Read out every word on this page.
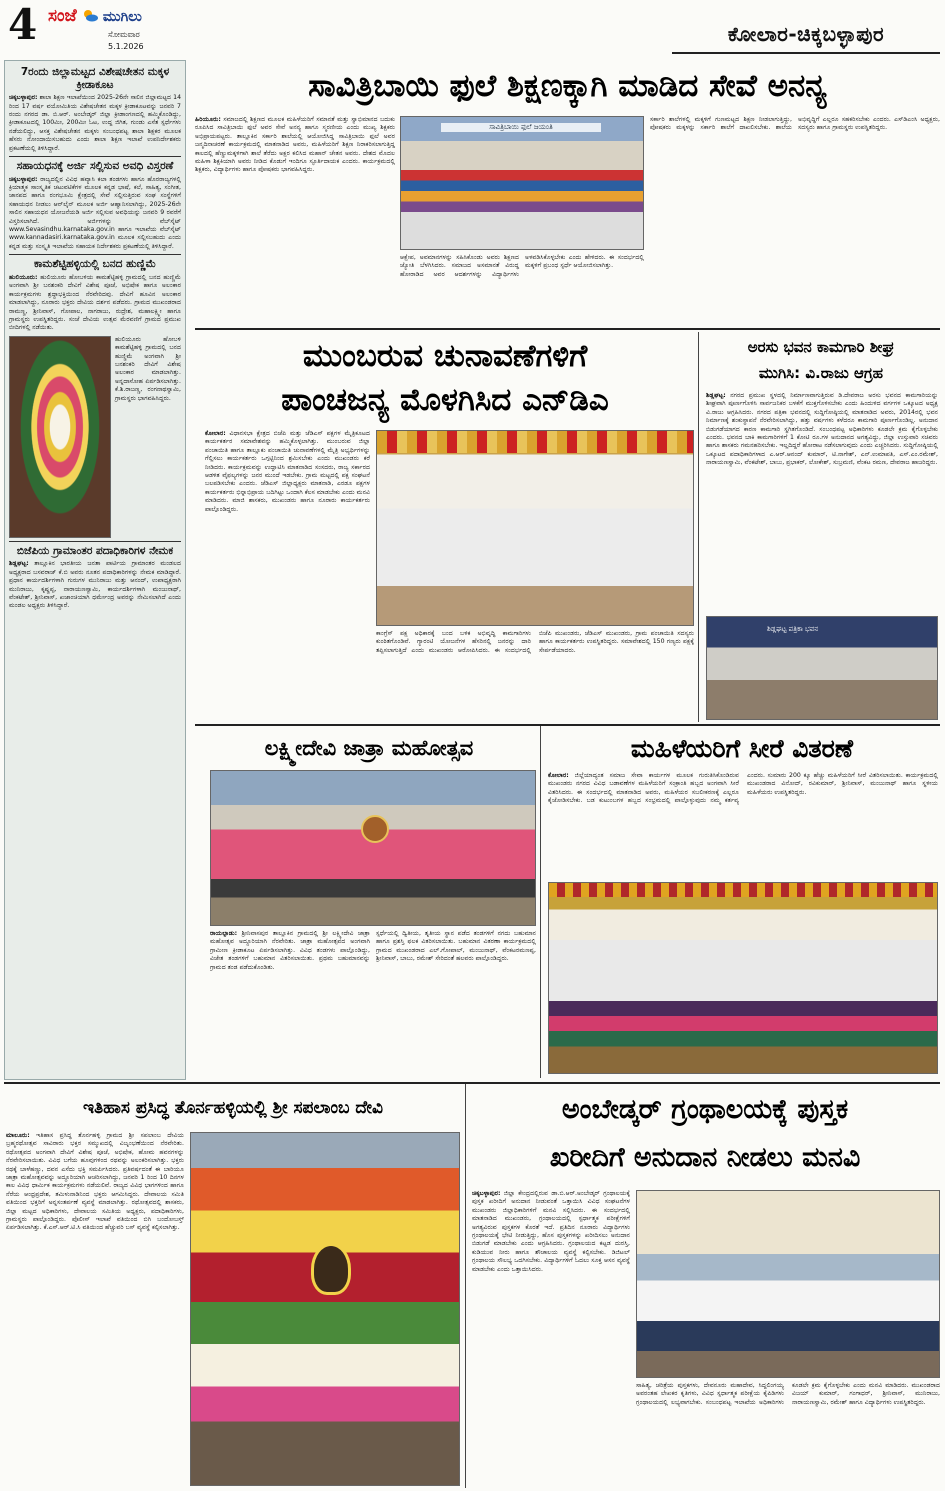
4 ಸಂಜೆ ಮುಗಿಲು
ಸೋಮವಾರ
5.1.2026
ಕೋಲಾರ-ಚಿಕ್ಕಬಳ್ಳಾಪುರ
7ರಂದು ಜಿಲ್ಲಾಮಟ್ಟದ ವಿಶೇಷಚೇತನ ಮಕ್ಕಳ ಕ್ರೀಡಾಕೂಟ
ಚಿಕ್ಕಬಳ್ಳಾಪುರ: ಶಾಲಾ ಶಿಕ್ಷಣ ಇಲಾಖೆಯಿಂದ 2025-26ನೇ ಸಾಲಿನ ಜಿಲ್ಲಾಮಟ್ಟದ 14 ರಿಂದ 17 ವರ್ಷ ವಯೋಮಿತಿಯ ವಿಶೇಷಚೇತನ ಮಕ್ಕಳ ಕ್ರೀಡಾಕೂಟವನ್ನು ಜನವರಿ 7 ರಂದು ನಗರದ ಡಾ. ಬಿ.ಆರ್. ಅಂಬೇಡ್ಕರ್ ಜಿಲ್ಲಾ ಕ್ರೀಡಾಂಗಣದಲ್ಲಿ ಹಮ್ಮಿಕೊಂಡಿದ್ದು, ಕ್ರೀಡಾಕೂಟದಲ್ಲಿ 100ಮೀ, 200ಮೀ ಓಟ, ಉದ್ದ ಜಿಗಿತ, ಗುಂಡು ಎಸೆತ ಸ್ಪರ್ಧೆಗಳು ನಡೆಯಲಿದ್ದು, ಆಸಕ್ತ ವಿಶೇಷಚೇತನ ಮಕ್ಕಳು ಸಂಬಂಧಪಟ್ಟ ಶಾಲಾ ಶಿಕ್ಷಕರ ಮೂಲಕ ಹೆಸರು ನೋಂದಾಯಿಸಬಹುದು ಎಂದು ಶಾಲಾ ಶಿಕ್ಷಣ ಇಲಾಖೆ ಉಪನಿರ್ದೇಶಕರು ಪ್ರಕಟಣೆಯಲ್ಲಿ ತಿಳಿಸಿದ್ದಾರೆ.
ಸಹಾಯಧನಕ್ಕೆ ಅರ್ಜಿ ಸಲ್ಲಿಸುವ ಅವಧಿ ವಿಸ್ತರಣೆ
ಚಿಕ್ಕಬಳ್ಳಾಪುರ: ರಾಜ್ಯದಲ್ಲಿನ ವಿವಿಧ ಹವ್ಯಾಸಿ ಕಲಾ ತಂಡಗಳು ಹಾಗೂ ಹೊರರಾಜ್ಯಗಳಲ್ಲಿ ಕ್ರಿಯಾತ್ಮಕ ಸಾಂಸ್ಕೃತಿಕ ಚಟುವಟಿಕೆಗಳ ಮೂಲಕ ಕನ್ನಡ ಭಾಷೆ, ಕಲೆ, ಸಾಹಿತ್ಯ, ಸಂಗೀತ, ಜಾನಪದ ಹಾಗೂ ರಂಗಭೂಮಿ ಕ್ಷೇತ್ರದಲ್ಲಿ ಸೇವೆ ಸಲ್ಲಿಸುತ್ತಿರುವ ಸಂಘ ಸಂಸ್ಥೆಗಳಿಗೆ ಸಹಾಯಧನ ನೀಡಲು ಆನ್‌ಲೈನ್ ಮೂಲಕ ಅರ್ಜಿ ಆಹ್ವಾನಿಸಲಾಗಿದ್ದು, 2025-26ನೇ ಸಾಲಿನ ಸಹಾಯಧನ ಯೋಜನೆಯಡಿ ಅರ್ಜಿ ಸಲ್ಲಿಸುವ ಅವಧಿಯನ್ನು ಜನವರಿ 9 ರವರೆಗೆ ವಿಸ್ತರಿಸಲಾಗಿದೆ. ಅರ್ಜಿಗಳನ್ನು ವೆಬ್‌ಸೈಟ್ www.Sevasindhu.karnataka.gov.in ಹಾಗೂ ಇಲಾಖೆಯ ವೆಬ್‌ಸೈಟ್ www.kannadasiri.karnataka.gov.in ಮೂಲಕ ಸಲ್ಲಿಸಬಹುದು ಎಂದು ಕನ್ನಡ ಮತ್ತು ಸಂಸ್ಕೃತಿ ಇಲಾಖೆಯ ಸಹಾಯಕ ನಿರ್ದೇಶಕರು ಪ್ರಕಟಣೆಯಲ್ಲಿ ತಿಳಿಸಿದ್ದಾರೆ.
ಕಾಮಶೆಟ್ಟಿಹಳ್ಳಿಯಲ್ಲಿ ಬನದ ಹುಣ್ಣಿಮೆ
ಹುಲಿಯೂರು: ಹುಲಿಯೂರು ಹೋಬಳಿಯ ಕಾಮಶೆಟ್ಟಿಹಳ್ಳಿ ಗ್ರಾಮದಲ್ಲಿ ಬನದ ಹುಣ್ಣಿಮೆ ಅಂಗವಾಗಿ ಶ್ರೀ ಬನಶಂಕರಿ ದೇವಿಗೆ ವಿಶೇಷ ಪೂಜೆ, ಅಭಿಷೇಕ ಹಾಗೂ ಅಲಂಕಾರ ಕಾರ್ಯಕ್ರಮಗಳು ಶ್ರದ್ಧಾಭಕ್ತಿಯಿಂದ ನೆರವೇರಿದವು. ದೇವಿಗೆ ಹೂವಿನ ಅಲಂಕಾರ ಮಾಡಲಾಗಿದ್ದು, ನೂರಾರು ಭಕ್ತರು ದೇವಿಯ ದರ್ಶನ ಪಡೆದರು. ಗ್ರಾಮದ ಮುಖಂಡರಾದ ರಾಮಣ್ಣ, ಶ್ರೀನಿವಾಸ್, ಗೋಪಾಲ, ನಾಗರಾಜು, ರುದ್ರೇಶ, ಮಹಾಲಕ್ಷ್ಮೀ ಹಾಗೂ ಗ್ರಾಮಸ್ಥರು ಉಪಸ್ಥಿತರಿದ್ದರು. ಸಂಜೆ ದೇವಿಯ ಉತ್ಸವ ಮೆರವಣಿಗೆ ಗ್ರಾಮದ ಪ್ರಮುಖ ಬೀದಿಗಳಲ್ಲಿ ನಡೆಯಿತು.
ಹುಲಿಯೂರು ಹೋಬಳಿ ಕಾಮಶೆಟ್ಟಿಹಳ್ಳಿ ಗ್ರಾಮದಲ್ಲಿ ಬನದ ಹುಣ್ಣಿಮೆ ಅಂಗವಾಗಿ ಶ್ರೀ ಬನಶಂಕರಿ ದೇವಿಗೆ ವಿಶೇಷ ಅಲಂಕಾರ ಮಾಡಲಾಗಿತ್ತು. ಅನ್ನದಾಸೋಹ ಏರ್ಪಡಿಸಲಾಗಿತ್ತು. ಕೆ.ಶಿ.ರಾಜಣ್ಣ, ರಂಗನಾಥಸ್ವಾಮಿ, ಗ್ರಾಮಸ್ಥರು ಭಾಗವಹಿಸಿದ್ದರು.
ಬಿಜೆಪಿಯ ಗ್ರಾಮಾಂತರ ಪದಾಧಿಕಾರಿಗಳ ನೇಮಕ
ಶಿಡ್ಲಘಟ್ಟ: ತಾಲ್ಲೂಕಿನ ಭಾರತೀಯ ಜನತಾ ಪಾರ್ಟಿಯ ಗ್ರಾಮಾಂತರ ಮಂಡಲದ ಅಧ್ಯಕ್ಷರಾದ ಬಸವರಾಜ್ ಕೆ.ಬಿ ಅವರು ನೂತನ ಪದಾಧಿಕಾರಿಗಳನ್ನು ನೇಮಕ ಮಾಡಿದ್ದಾರೆ. ಪ್ರಧಾನ ಕಾರ್ಯದರ್ಶಿಗಳಾಗಿ ಗುರುಗಳ ಮುನಿರಾಜು ಮತ್ತು ಆನಂದ್, ಉಪಾಧ್ಯಕ್ಷರಾಗಿ ಮುನಿರಾಜು, ಕೃಷ್ಣಪ್ಪ, ನಾರಾಯಣಸ್ವಾಮಿ, ಕಾರ್ಯದರ್ಶಿಗಳಾಗಿ ಮಂಜುನಾಥ್, ವೆಂಕಟೇಶ್, ಶ್ರೀನಿವಾಸ್, ಖಜಾಂಚಿಯಾಗಿ ಧರ್ಮೇಂದ್ರ ಅವರನ್ನು ನೇಮಿಸಲಾಗಿದೆ ಎಂದು ಮಂಡಲ ಅಧ್ಯಕ್ಷರು ತಿಳಿಸಿದ್ದಾರೆ.
ಸಾವಿತ್ರಿಬಾಯಿ ಫುಲೆ ಶಿಕ್ಷಣಕ್ಕಾಗಿ ಮಾಡಿದ ಸೇವೆ ಅನನ್ಯ
ಹಿರಿಯೂರು: ಸಮಾಜದಲ್ಲಿ ಶಿಕ್ಷಣದ ಮೂಲಕ ಮಹಿಳೆಯರಿಗೆ ಸಮಾನತೆ ಮತ್ತು ಸ್ವಾಭಿಮಾನದ ಬದುಕು ರೂಪಿಸಿದ ಸಾವಿತ್ರಿಬಾಯಿ ಫುಲೆ ಅವರ ಸೇವೆ ಅನನ್ಯ ಹಾಗೂ ಸ್ಮರಣೀಯ ಎಂದು ಮುಖ್ಯ ಶಿಕ್ಷಕರು ಅಭಿಪ್ರಾಯಪಟ್ಟರು. ತಾಲ್ಲೂಕಿನ ಸರ್ಕಾರಿ ಶಾಲೆಯಲ್ಲಿ ಆಯೋಜಿಸಿದ್ದ ಸಾವಿತ್ರಿಬಾಯಿ ಫುಲೆ ಅವರ ಜನ್ಮದಿನಾಚರಣೆ ಕಾರ್ಯಕ್ರಮದಲ್ಲಿ ಮಾತನಾಡಿದ ಅವರು, ಮಹಿಳೆಯರಿಗೆ ಶಿಕ್ಷಣ ನಿರಾಕರಿಸಲಾಗುತ್ತಿದ್ದ ಕಾಲದಲ್ಲಿ ಹೆಣ್ಣುಮಕ್ಕಳಿಗಾಗಿ ಶಾಲೆ ತೆರೆದು ಅಕ್ಷರ ಕಲಿಸಿದ ಮಹಾನ್ ಚೇತನ ಅವರು. ದೇಶದ ಮೊದಲ ಮಹಿಳಾ ಶಿಕ್ಷಕಿಯಾಗಿ ಅವರು ನೀಡಿದ ಕೊಡುಗೆ ಇಂದಿಗೂ ಸ್ಫೂರ್ತಿದಾಯಕ ಎಂದರು. ಕಾರ್ಯಕ್ರಮದಲ್ಲಿ ಶಿಕ್ಷಕರು, ವಿದ್ಯಾರ್ಥಿಗಳು ಹಾಗೂ ಪೋಷಕರು ಭಾಗವಹಿಸಿದ್ದರು.
ಸಾವಿತ್ರಿಬಾಯಿ ಫುಲೆ ಜಯಂತಿ
ಆಕ್ಷೇಪ, ಅವಮಾನಗಳನ್ನು ಸಹಿಸಿಕೊಂಡು ಅವರು ಶಿಕ್ಷಣದ ಜ್ಯೋತಿ ಬೆಳಗಿಸಿದರು. ಸಮಾಜದ ಅಸಮಾನತೆ ವಿರುದ್ಧ ಹೋರಾಡಿದ ಅವರ ಆದರ್ಶಗಳನ್ನು ವಿದ್ಯಾರ್ಥಿಗಳು ಅಳವಡಿಸಿಕೊಳ್ಳಬೇಕು ಎಂದು ಹೇಳಿದರು. ಈ ಸಂದರ್ಭದಲ್ಲಿ ಮಕ್ಕಳಿಗೆ ಪ್ರಬಂಧ ಸ್ಪರ್ಧೆ ಆಯೋಜಿಸಲಾಗಿತ್ತು.
ಸರ್ಕಾರಿ ಶಾಲೆಗಳಲ್ಲಿ ಮಕ್ಕಳಿಗೆ ಗುಣಮಟ್ಟದ ಶಿಕ್ಷಣ ನೀಡಲಾಗುತ್ತಿದ್ದು, ಪೋಷಕರು ಮಕ್ಕಳನ್ನು ಸರ್ಕಾರಿ ಶಾಲೆಗೆ ದಾಖಲಿಸಬೇಕು. ಶಾಲೆಯ ಅಭಿವೃದ್ಧಿಗೆ ಎಲ್ಲರೂ ಸಹಕರಿಸಬೇಕು ಎಂದರು. ಎಸ್‌ಡಿಎಂಸಿ ಅಧ್ಯಕ್ಷರು, ಸದಸ್ಯರು ಹಾಗೂ ಗ್ರಾಮಸ್ಥರು ಉಪಸ್ಥಿತರಿದ್ದರು.
ಮುಂಬರುವ ಚುನಾವಣೆಗಳಿಗೆ
ಪಾಂಚಜನ್ಯ ಮೊಳಗಿಸಿದ ಎನ್‌ಡಿಎ
ಕೋಲಾರ: ವಿಧಾನಸಭಾ ಕ್ಷೇತ್ರದ ಬಿಜೆಪಿ ಮತ್ತು ಜೆಡಿಎಸ್ ಪಕ್ಷಗಳ ಮೈತ್ರಿಕೂಟದ ಕಾರ್ಯಕರ್ತರ ಸಮಾವೇಶವನ್ನು ಹಮ್ಮಿಕೊಳ್ಳಲಾಗಿತ್ತು. ಮುಂಬರುವ ಜಿಲ್ಲಾ ಪಂಚಾಯಿತಿ ಹಾಗೂ ತಾಲ್ಲೂಕು ಪಂಚಾಯಿತಿ ಚುನಾವಣೆಗಳಲ್ಲಿ ಮೈತ್ರಿ ಅಭ್ಯರ್ಥಿಗಳನ್ನು ಗೆಲ್ಲಿಸಲು ಕಾರ್ಯಕರ್ತರು ಒಗ್ಗಟ್ಟಿನಿಂದ ಶ್ರಮಿಸಬೇಕು ಎಂದು ಮುಖಂಡರು ಕರೆ ನೀಡಿದರು. ಕಾರ್ಯಕ್ರಮವನ್ನು ಉದ್ಘಾಟಿಸಿ ಮಾತನಾಡಿದ ಸಂಸದರು, ರಾಜ್ಯ ಸರ್ಕಾರದ ಆಡಳಿತ ವೈಫಲ್ಯಗಳನ್ನು ಜನರ ಮುಂದೆ ಇಡಬೇಕು. ಗ್ರಾಮ ಮಟ್ಟದಲ್ಲಿ ಪಕ್ಷ ಸಂಘಟನೆ ಬಲಪಡಿಸಬೇಕು ಎಂದರು. ಜೆಡಿಎಸ್ ಜಿಲ್ಲಾಧ್ಯಕ್ಷರು ಮಾತನಾಡಿ, ಎರಡೂ ಪಕ್ಷಗಳ ಕಾರ್ಯಕರ್ತರು ಭಿನ್ನಾಭಿಪ್ರಾಯ ಬದಿಗಿಟ್ಟು ಒಂದಾಗಿ ಕೆಲಸ ಮಾಡಬೇಕು ಎಂದು ಮನವಿ ಮಾಡಿದರು. ಮಾಜಿ ಶಾಸಕರು, ಮುಖಂಡರು ಹಾಗೂ ನೂರಾರು ಕಾರ್ಯಕರ್ತರು ಪಾಲ್ಗೊಂಡಿದ್ದರು.
ಕಾಂಗ್ರೆಸ್ ಪಕ್ಷ ಅಧಿಕಾರಕ್ಕೆ ಬಂದ ಬಳಿಕ ಅಭಿವೃದ್ಧಿ ಕಾಮಗಾರಿಗಳು ಕುಂಠಿತಗೊಂಡಿವೆ. ಗ್ಯಾರಂಟಿ ಯೋಜನೆಗಳ ಹೆಸರಿನಲ್ಲಿ ಜನರನ್ನು ದಾರಿ ತಪ್ಪಿಸಲಾಗುತ್ತಿದೆ ಎಂದು ಮುಖಂಡರು ಆರೋಪಿಸಿದರು. ಈ ಸಂದರ್ಭದಲ್ಲಿ ಬಿಜೆಪಿ ಮುಖಂಡರು, ಜೆಡಿಎಸ್ ಮುಖಂಡರು, ಗ್ರಾಮ ಪಂಚಾಯಿತಿ ಸದಸ್ಯರು ಹಾಗೂ ಕಾರ್ಯಕರ್ತರು ಉಪಸ್ಥಿತರಿದ್ದರು. ಸಮಾವೇಶದಲ್ಲಿ 150 ಗಣ್ಯರು ಪಕ್ಷಕ್ಕೆ ಸೇರ್ಪಡೆಯಾದರು.
ಅರಸು ಭವನ ಕಾಮಗಾರಿ ಶೀಘ್ರ
ಮುಗಿಸಿ: ವಿ.ರಾಜು ಆಗ್ರಹ
ಶಿಡ್ಲಘಟ್ಟ: ನಗರದ ಪ್ರಮುಖ ಸ್ಥಳದಲ್ಲಿ ನಿರ್ಮಾಣವಾಗುತ್ತಿರುವ ಡಿ.ದೇವರಾಜ ಅರಸು ಭವನದ ಕಾಮಗಾರಿಯನ್ನು ಶೀಘ್ರವಾಗಿ ಪೂರ್ಣಗೊಳಿಸಿ ಸಾರ್ವಜನಿಕರ ಬಳಕೆಗೆ ಮುಕ್ತಗೊಳಿಸಬೇಕು ಎಂದು ಹಿಂದುಳಿದ ವರ್ಗಗಳ ಒಕ್ಕೂಟದ ಅಧ್ಯಕ್ಷ ವಿ.ರಾಜು ಆಗ್ರಹಿಸಿದರು. ನಗರದ ಪತ್ರಿಕಾ ಭವನದಲ್ಲಿ ಸುದ್ದಿಗೋಷ್ಠಿಯಲ್ಲಿ ಮಾತನಾಡಿದ ಅವರು, 2014ರಲ್ಲಿ ಭವನ ನಿರ್ಮಾಣಕ್ಕೆ ಶಂಕುಸ್ಥಾಪನೆ ನೆರವೇರಿಸಲಾಗಿದ್ದು, ಹತ್ತು ವರ್ಷಗಳು ಕಳೆದರೂ ಕಾಮಗಾರಿ ಪೂರ್ಣಗೊಂಡಿಲ್ಲ. ಅನುದಾನ ಬಿಡುಗಡೆಯಾಗದ ಕಾರಣ ಕಾಮಗಾರಿ ಸ್ಥಗಿತಗೊಂಡಿದೆ. ಸಂಬಂಧಪಟ್ಟ ಅಧಿಕಾರಿಗಳು ಕೂಡಲೇ ಕ್ರಮ ಕೈಗೊಳ್ಳಬೇಕು ಎಂದರು. ಭವನದ ಬಾಕಿ ಕಾಮಗಾರಿಗಳಿಗೆ 1 ಕೋಟಿ ರೂ.ಗಳ ಅನುದಾನದ ಅಗತ್ಯವಿದ್ದು, ಜಿಲ್ಲಾ ಉಸ್ತುವಾರಿ ಸಚಿವರು ಹಾಗೂ ಶಾಸಕರು ಗಮನಹರಿಸಬೇಕು. ಇಲ್ಲದಿದ್ದರೆ ಹೋರಾಟ ನಡೆಸಲಾಗುವುದು ಎಂದು ಎಚ್ಚರಿಸಿದರು. ಸುದ್ದಿಗೋಷ್ಠಿಯಲ್ಲಿ ಒಕ್ಕೂಟದ ಪದಾಧಿಕಾರಿಗಳಾದ ಎ.ಆರ್.ಆನಂದ್ ಕುಮಾರ್, ಟಿ.ನಾಗೇಶ್, ಎನ್.ಉಮಾಪತಿ, ಎಸ್.ಎಂ.ರಮೇಶ್, ನಾರಾಯಣಸ್ವಾಮಿ, ವೆಂಕಟೇಶ್, ಬಾಬು, ಪ್ರಭಾಕರ್, ಲೋಕೇಶ್, ಸುಬ್ರಮಣಿ, ವೆಂಕಟ ರಮಣ, ದೇವರಾಜ ಹಾಜರಿದ್ದರು.
ಶಿಡ್ಲಘಟ್ಟ ಪತ್ರಿಕಾ ಭವನ
ಲಕ್ಷ್ಮೀದೇವಿ ಜಾತ್ರಾ ಮಹೋತ್ಸವ
ರಾಯಲ್ಪಾಡು: ಶ್ರೀನಿವಾಸಪುರ ತಾಲ್ಲೂಕಿನ ಗ್ರಾಮದಲ್ಲಿ ಶ್ರೀ ಲಕ್ಷ್ಮೀದೇವಿ ಜಾತ್ರಾ ಮಹೋತ್ಸವ ಅದ್ದೂರಿಯಾಗಿ ನೆರವೇರಿತು. ಜಾತ್ರಾ ಮಹೋತ್ಸವದ ಅಂಗವಾಗಿ ಗ್ರಾಮೀಣ ಕ್ರೀಡಾಕೂಟ ಏರ್ಪಡಿಸಲಾಗಿತ್ತು. ವಿವಿಧ ತಂಡಗಳು ಪಾಲ್ಗೊಂಡಿದ್ದು, ವಿಜೇತ ತಂಡಗಳಿಗೆ ಬಹುಮಾನ ವಿತರಿಸಲಾಯಿತು. ಪ್ರಥಮ ಬಹುಮಾನವನ್ನು ಗ್ರಾಮದ ತಂಡ ಪಡೆದುಕೊಂಡಿತು.
ಸ್ಪರ್ಧೆಯಲ್ಲಿ ದ್ವಿತೀಯ, ತೃತೀಯ ಸ್ಥಾನ ಪಡೆದ ತಂಡಗಳಿಗೆ ನಗದು ಬಹುಮಾನ ಹಾಗೂ ಪ್ರಶಸ್ತಿ ಫಲಕ ವಿತರಿಸಲಾಯಿತು. ಬಹುಮಾನ ವಿತರಣಾ ಕಾರ್ಯಕ್ರಮದಲ್ಲಿ ಗ್ರಾಮದ ಮುಖಂಡರಾದ ಎಲ್.ಗೋಪಾಲ್, ಮಂಜುನಾಥ್, ವೆಂಕಟರಮಣಪ್ಪ, ಶ್ರೀನಿವಾಸ್, ಬಾಬು, ರಮೇಶ್ ಸೇರಿದಂತೆ ಹಲವರು ಪಾಲ್ಗೊಂಡಿದ್ದರು.
ಮಹಿಳೆಯರಿಗೆ ಸೀರೆ ವಿತರಣೆ
ಕೋಲಾರ: ಜಿಲ್ಲೆಯಾದ್ಯಂತ ಸಮಾಜ ಸೇವಾ ಕಾರ್ಯಗಳ ಮೂಲಕ ಗುರುತಿಸಿಕೊಂಡಿರುವ ಮುಖಂಡರು ನಗರದ ವಿವಿಧ ಬಡಾವಣೆಗಳ ಮಹಿಳೆಯರಿಗೆ ಸಂಕ್ರಾಂತಿ ಹಬ್ಬದ ಅಂಗವಾಗಿ ಸೀರೆ ವಿತರಿಸಿದರು. ಈ ಸಂದರ್ಭದಲ್ಲಿ ಮಾತನಾಡಿದ ಅವರು, ಮಹಿಳೆಯರ ಸಬಲೀಕರಣಕ್ಕೆ ಎಲ್ಲರೂ ಕೈಜೋಡಿಸಬೇಕು. ಬಡ ಕುಟುಂಬಗಳ ಹಬ್ಬದ ಸಂಭ್ರಮದಲ್ಲಿ ಪಾಲ್ಗೊಳ್ಳುವುದು ನಮ್ಮ ಕರ್ತವ್ಯ ಎಂದರು. ಸುಮಾರು 200 ಕ್ಕೂ ಹೆಚ್ಚು ಮಹಿಳೆಯರಿಗೆ ಸೀರೆ ವಿತರಿಸಲಾಯಿತು. ಕಾರ್ಯಕ್ರಮದಲ್ಲಿ ಮುಖಂಡರಾದ ವಿನೋದ್, ರವಿಕುಮಾರ್, ಶ್ರೀನಿವಾಸ್, ಮಂಜುನಾಥ್ ಹಾಗೂ ಸ್ಥಳೀಯ ಮಹಿಳೆಯರು ಉಪಸ್ಥಿತರಿದ್ದರು.
ಇತಿಹಾಸ ಪ್ರಸಿದ್ಧ ತೊರ್ನಹಳ್ಳಿಯಲ್ಲಿ ಶ್ರೀ ಸಪಲಾಂಬ ದೇವಿ
ಮಾಲೂರು: ಇತಿಹಾಸ ಪ್ರಸಿದ್ಧ ತೊರ್ನಹಳ್ಳಿ ಗ್ರಾಮದ ಶ್ರೀ ಸಪಲಾಂಬ ದೇವಿಯ ಬ್ರಹ್ಮರಥೋತ್ಸವ ಸಾವಿರಾರು ಭಕ್ತರ ಸಮ್ಮುಖದಲ್ಲಿ ವಿಜೃಂಭಣೆಯಿಂದ ನೆರವೇರಿತು. ರಥೋತ್ಸವದ ಅಂಗವಾಗಿ ದೇವಿಗೆ ವಿಶೇಷ ಪೂಜೆ, ಅಭಿಷೇಕ, ಹೋಮ ಹವನಗಳನ್ನು ನೆರವೇರಿಸಲಾಯಿತು. ವಿವಿಧ ಬಗೆಯ ಹೂವುಗಳಿಂದ ರಥವನ್ನು ಅಲಂಕರಿಸಲಾಗಿತ್ತು. ಭಕ್ತರು ರಥಕ್ಕೆ ಬಾಳೆಹಣ್ಣು, ದವನ ಎಸೆದು ಭಕ್ತಿ ಸಮರ್ಪಿಸಿದರು. ಪ್ರತಿವರ್ಷದಂತೆ ಈ ಬಾರಿಯೂ ಜಾತ್ರಾ ಮಹೋತ್ಸವವನ್ನು ಅದ್ದೂರಿಯಾಗಿ ಆಚರಿಸಲಾಗಿದ್ದು, ಜನವರಿ 1 ರಿಂದ 10 ದಿನಗಳ ಕಾಲ ವಿವಿಧ ಧಾರ್ಮಿಕ ಕಾರ್ಯಕ್ರಮಗಳು ನಡೆಯಲಿವೆ. ರಾಜ್ಯದ ವಿವಿಧ ಭಾಗಗಳಿಂದ ಹಾಗೂ ನೆರೆಯ ಆಂಧ್ರಪ್ರದೇಶ, ತಮಿಳುನಾಡಿನಿಂದ ಭಕ್ತರು ಆಗಮಿಸಿದ್ದರು. ದೇವಾಲಯ ಸಮಿತಿ ವತಿಯಿಂದ ಭಕ್ತರಿಗೆ ಅನ್ನಸಂತರ್ಪಣೆ ವ್ಯವಸ್ಥೆ ಮಾಡಲಾಗಿತ್ತು. ರಥೋತ್ಸವದಲ್ಲಿ ಶಾಸಕರು, ಜಿಲ್ಲಾ ಮಟ್ಟದ ಅಧಿಕಾರಿಗಳು, ದೇವಾಲಯ ಸಮಿತಿಯ ಅಧ್ಯಕ್ಷರು, ಪದಾಧಿಕಾರಿಗಳು, ಗ್ರಾಮಸ್ಥರು ಪಾಲ್ಗೊಂಡಿದ್ದರು. ಪೊಲೀಸ್ ಇಲಾಖೆ ವತಿಯಿಂದ ಬಿಗಿ ಬಂದೋಬಸ್ತ್ ಏರ್ಪಡಿಸಲಾಗಿತ್ತು. ಕೆ.ಎಸ್.ಆರ್.ಟಿ.ಸಿ ವತಿಯಿಂದ ಹೆಚ್ಚುವರಿ ಬಸ್ ವ್ಯವಸ್ಥೆ ಕಲ್ಪಿಸಲಾಗಿತ್ತು.
ಅಂಬೇಡ್ಕರ್ ಗ್ರಂಥಾಲಯಕ್ಕೆ ಪುಸ್ತಕ
ಖರೀದಿಗೆ ಅನುದಾನ ನೀಡಲು ಮನವಿ
ಚಿಕ್ಕಬಳ್ಳಾಪುರ: ಜಿಲ್ಲಾ ಕೇಂದ್ರದಲ್ಲಿರುವ ಡಾ.ಬಿ.ಆರ್.ಅಂಬೇಡ್ಕರ್ ಗ್ರಂಥಾಲಯಕ್ಕೆ ಪುಸ್ತಕ ಖರೀದಿಗೆ ಅನುದಾನ ನೀಡುವಂತೆ ಒತ್ತಾಯಿಸಿ ವಿವಿಧ ಸಂಘಟನೆಗಳ ಮುಖಂಡರು ಜಿಲ್ಲಾಧಿಕಾರಿಗಳಿಗೆ ಮನವಿ ಸಲ್ಲಿಸಿದರು. ಈ ಸಂದರ್ಭದಲ್ಲಿ ಮಾತನಾಡಿದ ಮುಖಂಡರು, ಗ್ರಂಥಾಲಯದಲ್ಲಿ ಸ್ಪರ್ಧಾತ್ಮಕ ಪರೀಕ್ಷೆಗಳಿಗೆ ಅಗತ್ಯವಿರುವ ಪುಸ್ತಕಗಳ ಕೊರತೆ ಇದೆ. ಪ್ರತಿದಿನ ನೂರಾರು ವಿದ್ಯಾರ್ಥಿಗಳು ಗ್ರಂಥಾಲಯಕ್ಕೆ ಭೇಟಿ ನೀಡುತ್ತಿದ್ದು, ಹೊಸ ಪುಸ್ತಕಗಳನ್ನು ಖರೀದಿಸಲು ಅನುದಾನ ಬಿಡುಗಡೆ ಮಾಡಬೇಕು ಎಂದು ಆಗ್ರಹಿಸಿದರು. ಗ್ರಂಥಾಲಯದ ಕಟ್ಟಡ ದುರಸ್ತಿ, ಕುಡಿಯುವ ನೀರು ಹಾಗೂ ಶೌಚಾಲಯ ವ್ಯವಸ್ಥೆ ಕಲ್ಪಿಸಬೇಕು. ಡಿಜಿಟಲ್ ಗ್ರಂಥಾಲಯ ಸೌಲಭ್ಯ ಒದಗಿಸಬೇಕು. ವಿದ್ಯಾರ್ಥಿಗಳಿಗೆ ಓದಲು ಸೂಕ್ತ ಆಸನ ವ್ಯವಸ್ಥೆ ಮಾಡಬೇಕು ಎಂದು ಒತ್ತಾಯಿಸಿದರು.
ಸಾಹಿತ್ಯ, ಚರಿತ್ರೆಯ ಪುಸ್ತಕಗಳು, ದೇವನೂರು ಮಹಾದೇವ, ಸಿದ್ದಲಿಂಗಯ್ಯ ಅವರಂತಹ ಲೇಖಕರ ಕೃತಿಗಳು, ವಿವಿಧ ಸ್ಪರ್ಧಾತ್ಮಕ ಪರೀಕ್ಷೆಯ ಕೈಪಿಡಿಗಳು ಗ್ರಂಥಾಲಯದಲ್ಲಿ ಲಭ್ಯವಾಗಬೇಕು. ಸಂಬಂಧಪಟ್ಟ ಇಲಾಖೆಯ ಅಧಿಕಾರಿಗಳು ಕೂಡಲೇ ಕ್ರಮ ಕೈಗೊಳ್ಳಬೇಕು ಎಂದು ಮನವಿ ಮಾಡಿದರು. ಮುಖಂಡರಾದ ವಿಜಯ್ ಕುಮಾರ್, ಗಂಗಾಧರ್, ಶ್ರೀನಿವಾಸ್, ಮುನಿರಾಜು, ನಾರಾಯಣಸ್ವಾಮಿ, ರಮೇಶ್ ಹಾಗೂ ವಿದ್ಯಾರ್ಥಿಗಳು ಉಪಸ್ಥಿತರಿದ್ದರು.
